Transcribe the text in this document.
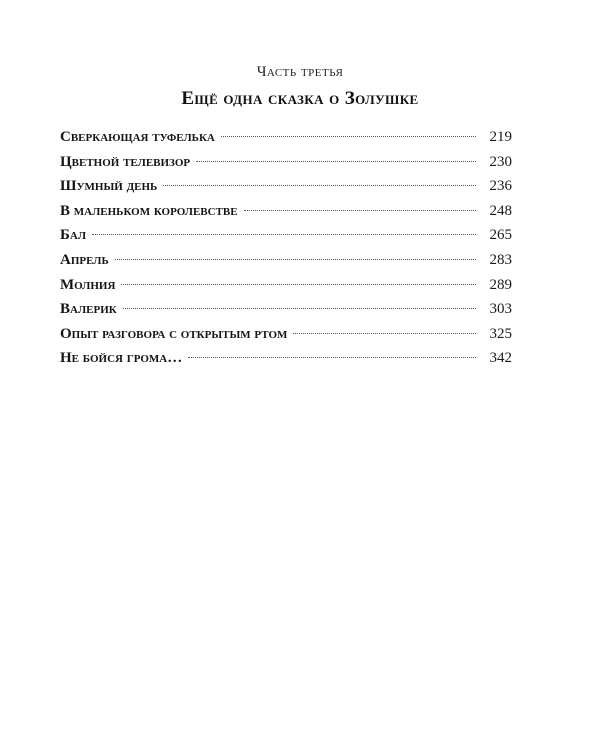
Часть третья
Ещё одна сказка о Золушке
Сверкающая туфелька	219
Цветной телевизор	230
Шумный день	236
В маленьком королевстве	248
Бал	265
Апрель	283
Молния	289
Валерик	303
Опыт разговора с открытым ртом	325
Не бойся грома…	342
